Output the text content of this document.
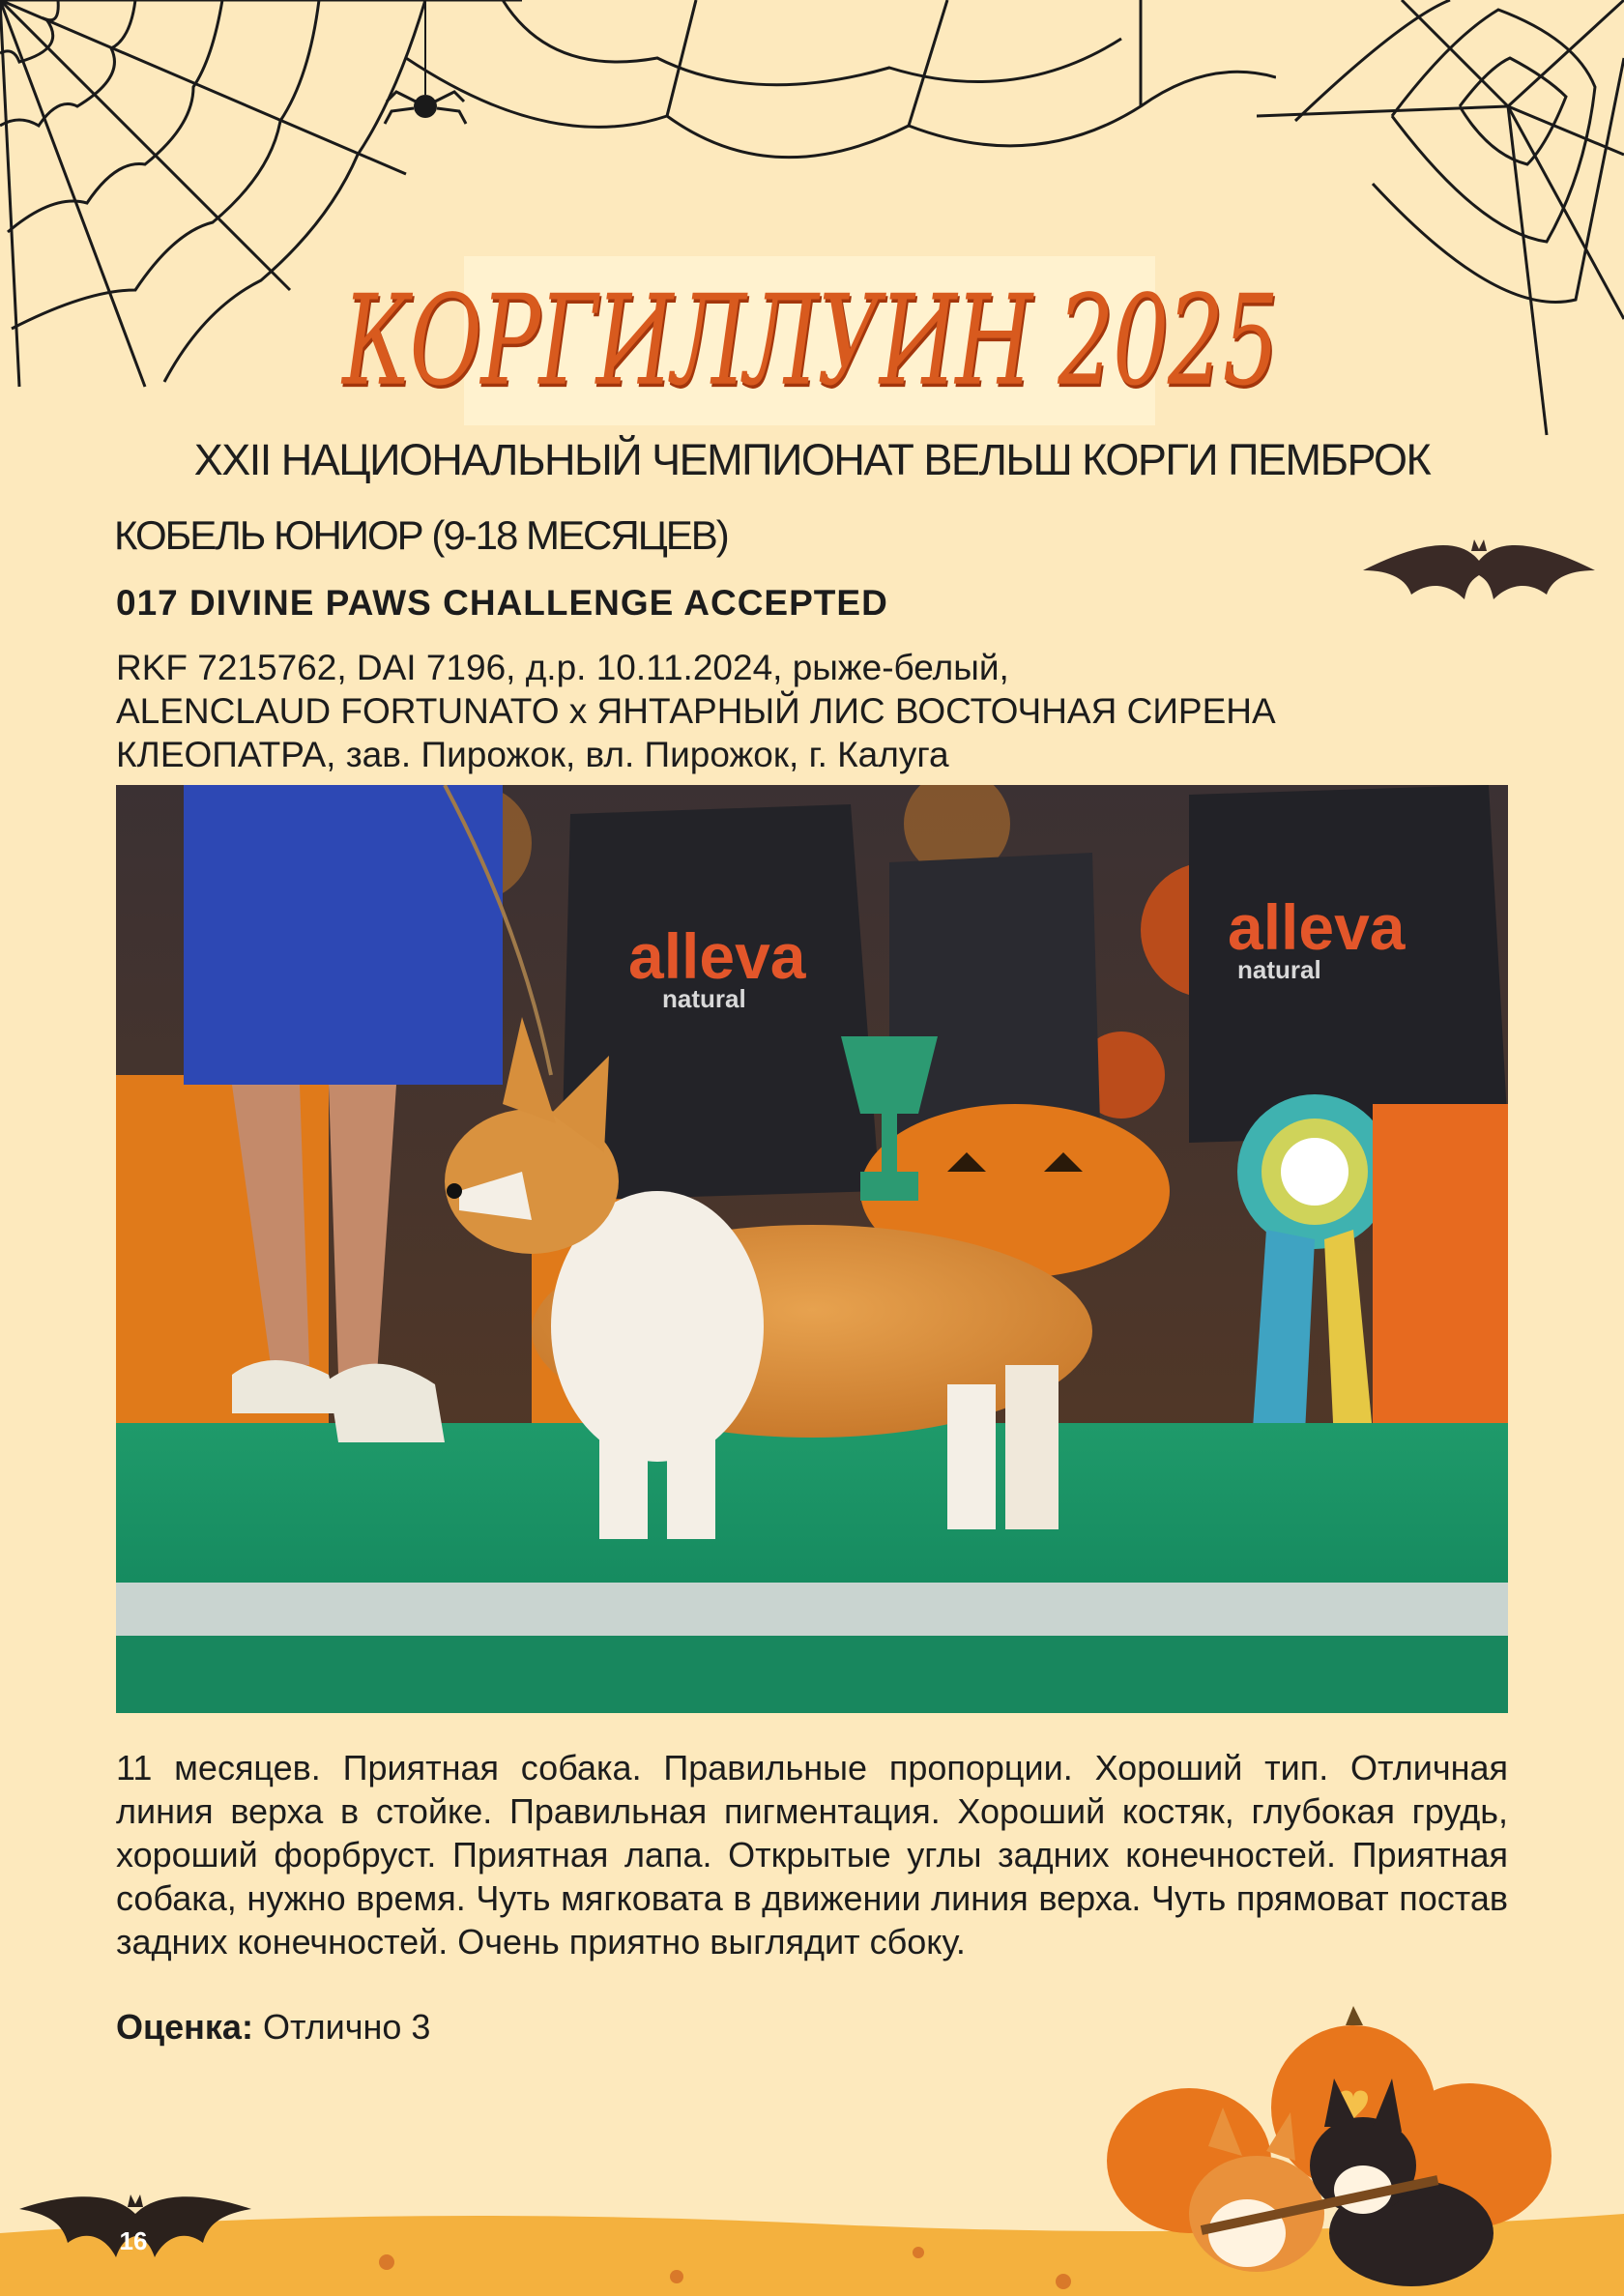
КОРГИЛЛУИН 2025
XXII НАЦИОНАЛЬНЫЙ ЧЕМПИОНАТ ВЕЛЬШ КОРГИ ПЕМБРОК
КОБЕЛЬ ЮНИОР (9-18 МЕСЯЦЕВ)
017 DIVINE PAWS CHALLENGE ACCEPTED
RKF 7215762, DAI 7196, д.р. 10.11.2024, рыже-белый,
ALENCLAUD FORTUNATO x ЯНТАРНЫЙ ЛИС ВОСТОЧНАЯ СИРЕНА
КЛЕОПАТРА, зав. Пирожок, вл. Пирожок, г. Калуга
alleva
natural
alleva
natural
11 месяцев. Приятная собака. Правильные пропорции. Хороший тип. Отличная линия верха в стойке. Правильная пигментация. Хороший костяк, глубокая грудь, хороший форбруст. Приятная лапа. Открытые углы задних конечностей. Приятная собака, нужно время. Чуть мягковата в движении линия верха. Чуть прямоват постав задних конечностей. Очень приятно выглядит сбоку.
Оценка: Отлично 3
16
